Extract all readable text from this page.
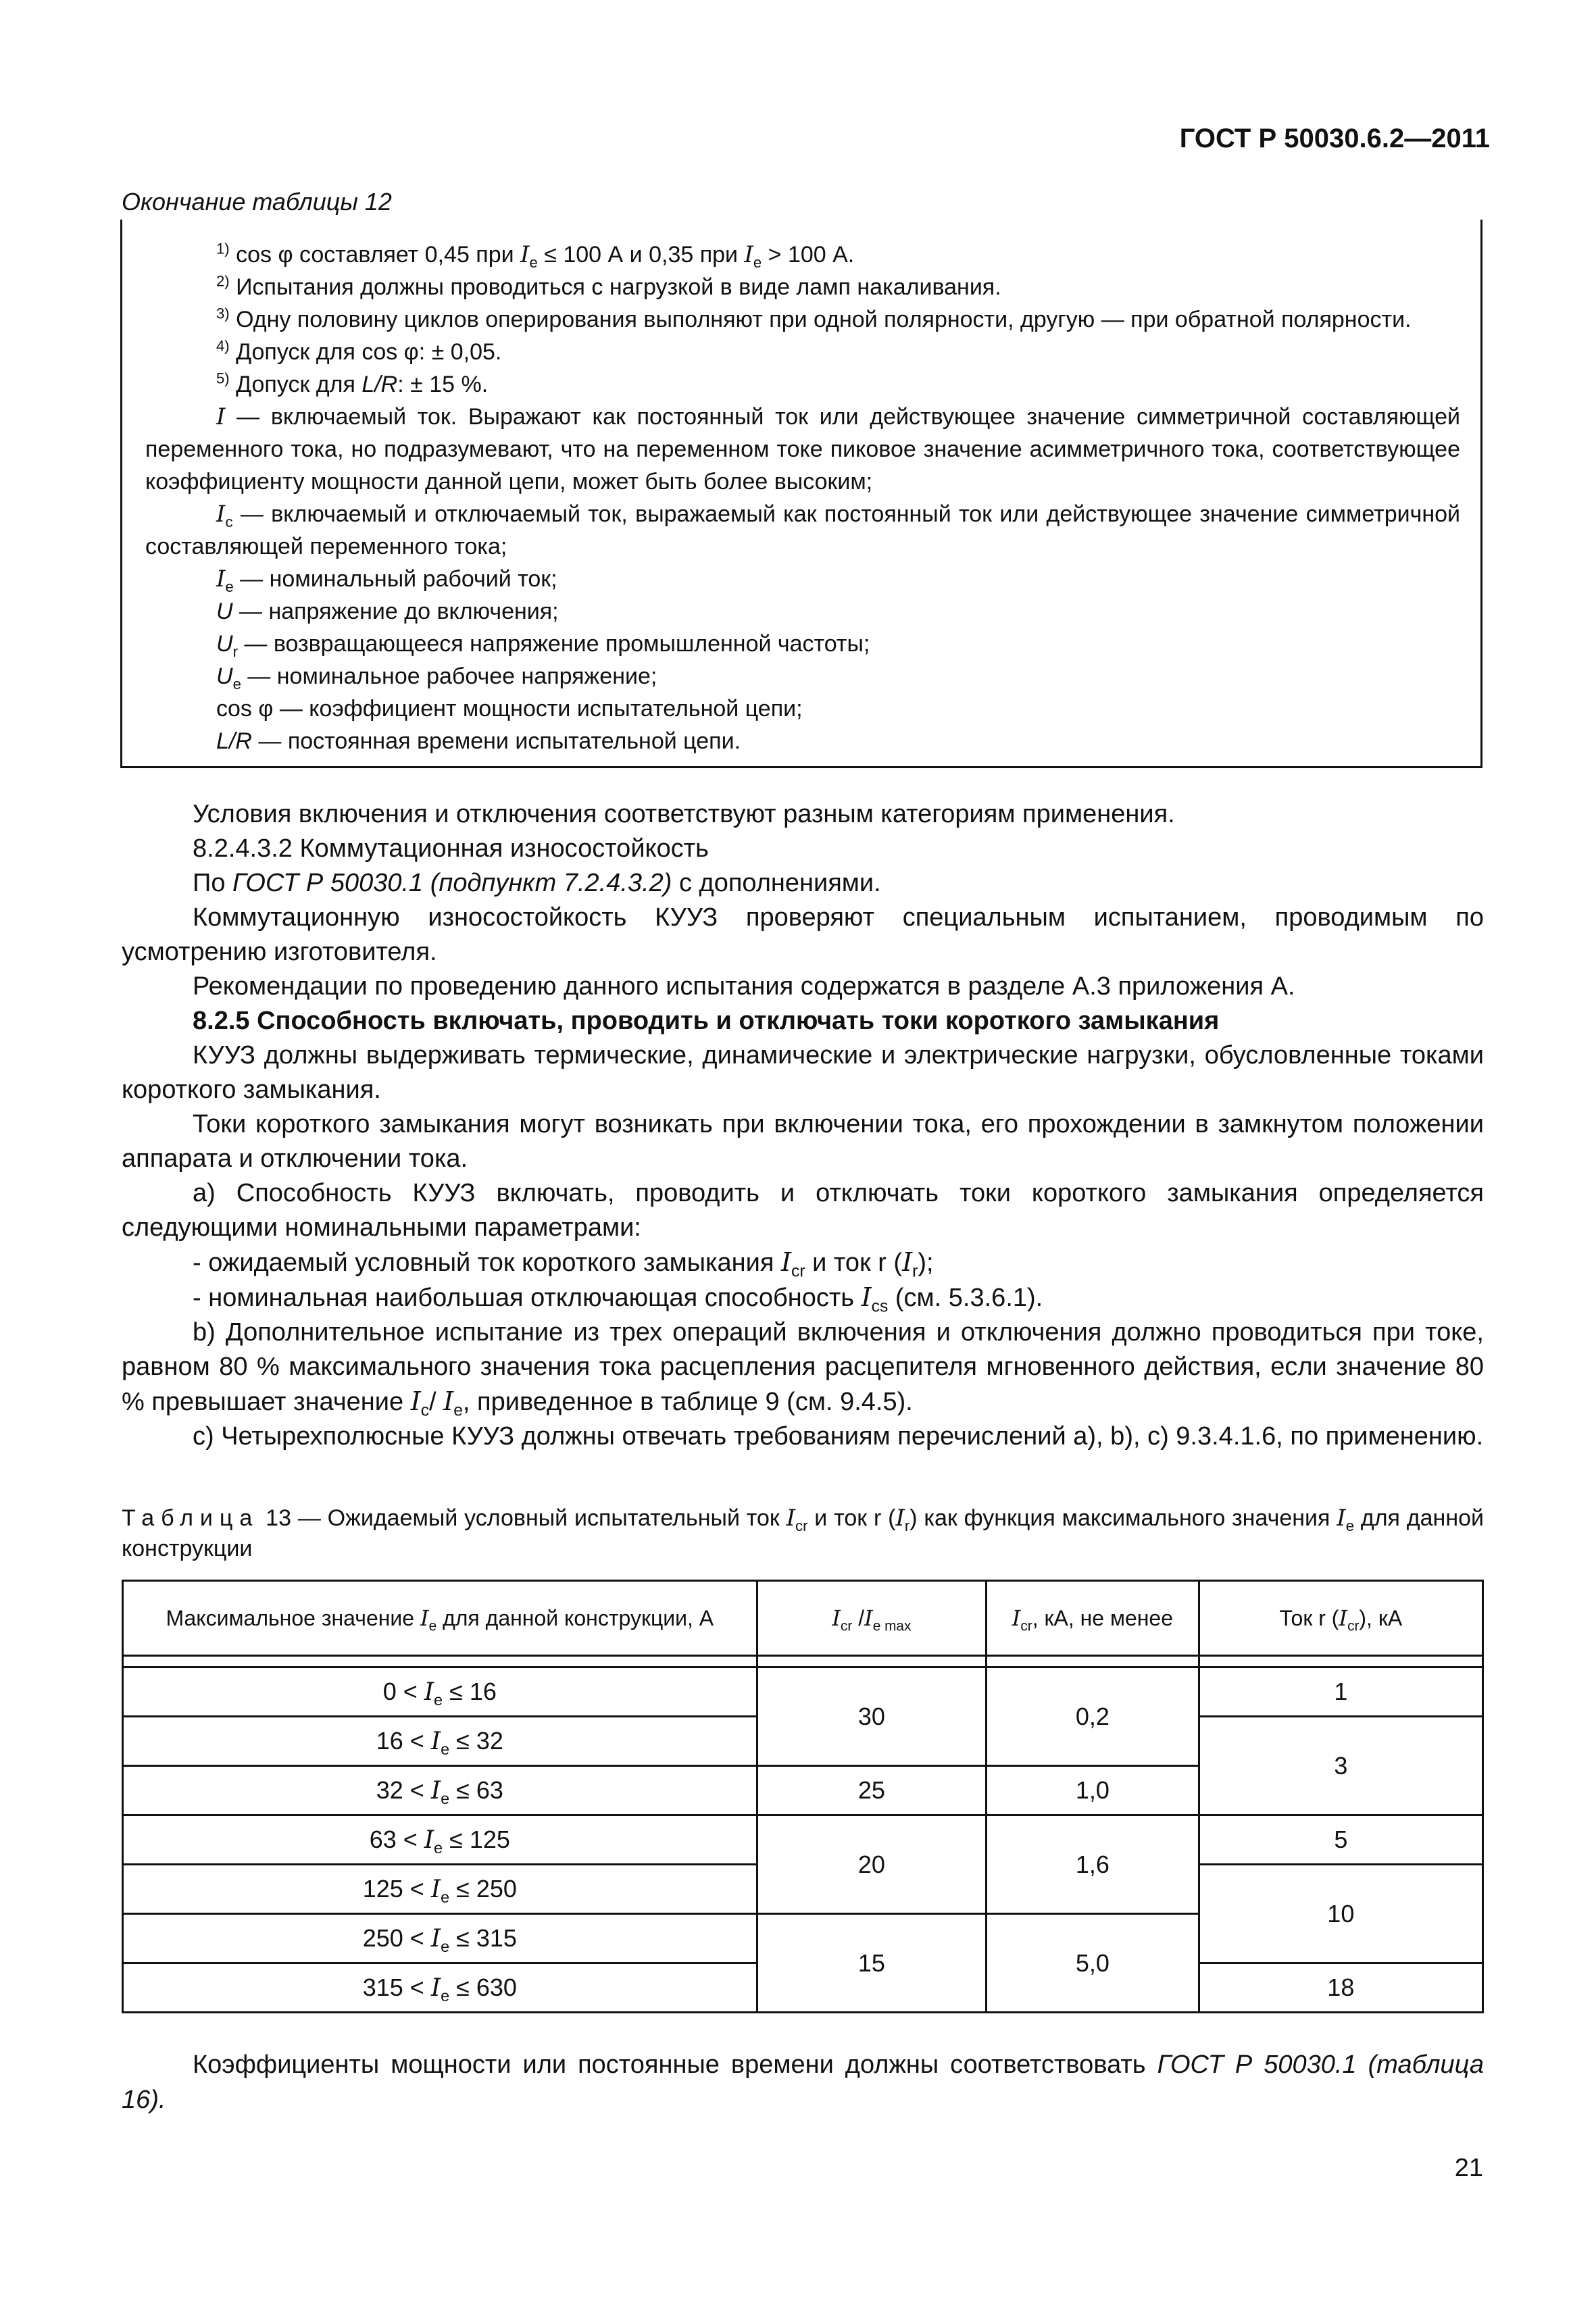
ГОСТ Р 50030.6.2—2011
Окончание таблицы 12

$^{1)}$ cos φ составляет 0,45 при $I_e \le 100$ А и 0,35 при $I_e > 100$ А.

$^{2)}$ Испытания должны проводиться с нагрузкой в виде ламп накаливания.

$^{3)}$ Одну половину циклов оперирования выполняют при одной полярности, другую — при обратной полярности.

$^{4)}$ Допуск для cos φ: ± 0,05.

$^{5)}$ Допуск для L/R: ± 15 %.

I — включаемый ток. Выражают как постоянный ток или действующее значение симметричной составляющей переменного тока, но подразумевают, что на переменном токе пиковое значение асимметричного тока, соответствующее коэффициенту мощности данной цепи, может быть более высоким;

$I_c$ — включаемый и отключаемый ток, выражаемый как постоянный ток или действующее значение симметричной составляющей переменного тока;

$I_e$ — номинальный рабочий ток;

U — напряжение до включения;

$U_r$ — возвращающееся напряжение промышленной частоты;

$U_e$ — номинальное рабочее напряжение;

cos φ — коэффициент мощности испытательной цепи;

L/R — постоянная времени испытательной цепи.

Условия включения и отключения соответствуют разным категориям применения.

8.2.4.3.2 Коммутационная износостойкость

По ГОСТ Р 50030.1 (подпункт 7.2.4.3.2) с дополнениями.

Коммутационную износостойкость КУУЗ проверяют специальным испытанием, проводимым по усмотрению изготовителя.

Рекомендации по проведению данного испытания содержатся в разделе А.3 приложения А.

8.2.5 Способность включать, проводить и отключать токи короткого замыкания

КУУЗ должны выдерживать термические, динамические и электрические нагрузки, обусловленные токами короткого замыкания.

Токи короткого замыкания могут возникать при включении тока, его прохождении в замкнутом положении аппарата и отключении тока.

а) Способность КУУЗ включать, проводить и отключать токи короткого замыкания определяется следующими номинальными параметрами:

- ожидаемый условный ток короткого замыкания $I_{cr}$ и ток r $(I_r)$;

- номинальная наибольшая отключающая способность $I_{cs}$ (см. 5.3.6.1).

b) Дополнительное испытание из трех операций включения и отключения должно проводиться при токе, равном 80 % максимального значения тока расцепления расцепителя мгновенного действия, если значение 80 % превышает значение $I_c/$ $I_e$, приведенное в таблице 9 (см. 9.4.5).

c) Четырехполюсные КУУЗ должны отвечать требованиям перечислений а), b), c) 9.3.4.1.6, по применению.

Таблица 13 — Ожидаемый условный испытательный ток $I_{cr}$ и ток r $(I_r)$ как функция максимального значения $I_e$ для данной конструкции
Максимальное значение $I_e$ для данной конструкции, А	$I_{cr}$ $/I_{e max}$	$I_{cr}$, кА, не менее	Ток r $(I_{cr})$, кА

$0 < I_e \le 16$	30	0,2	1
$16 < I_e \le 32$			3
$32 < I_e \le 63$	25	1,0	
$63 < I_e \le 125$	20	1,6	5
$125 < I_e \le 250$			10
$250 < I_e \le 315$	15	5,0	
$315 < I_e \le 630$			18

Коэффициенты мощности или постоянные времени должны соответствовать ГОСТ Р 50030.1 (таблица 16).

21
